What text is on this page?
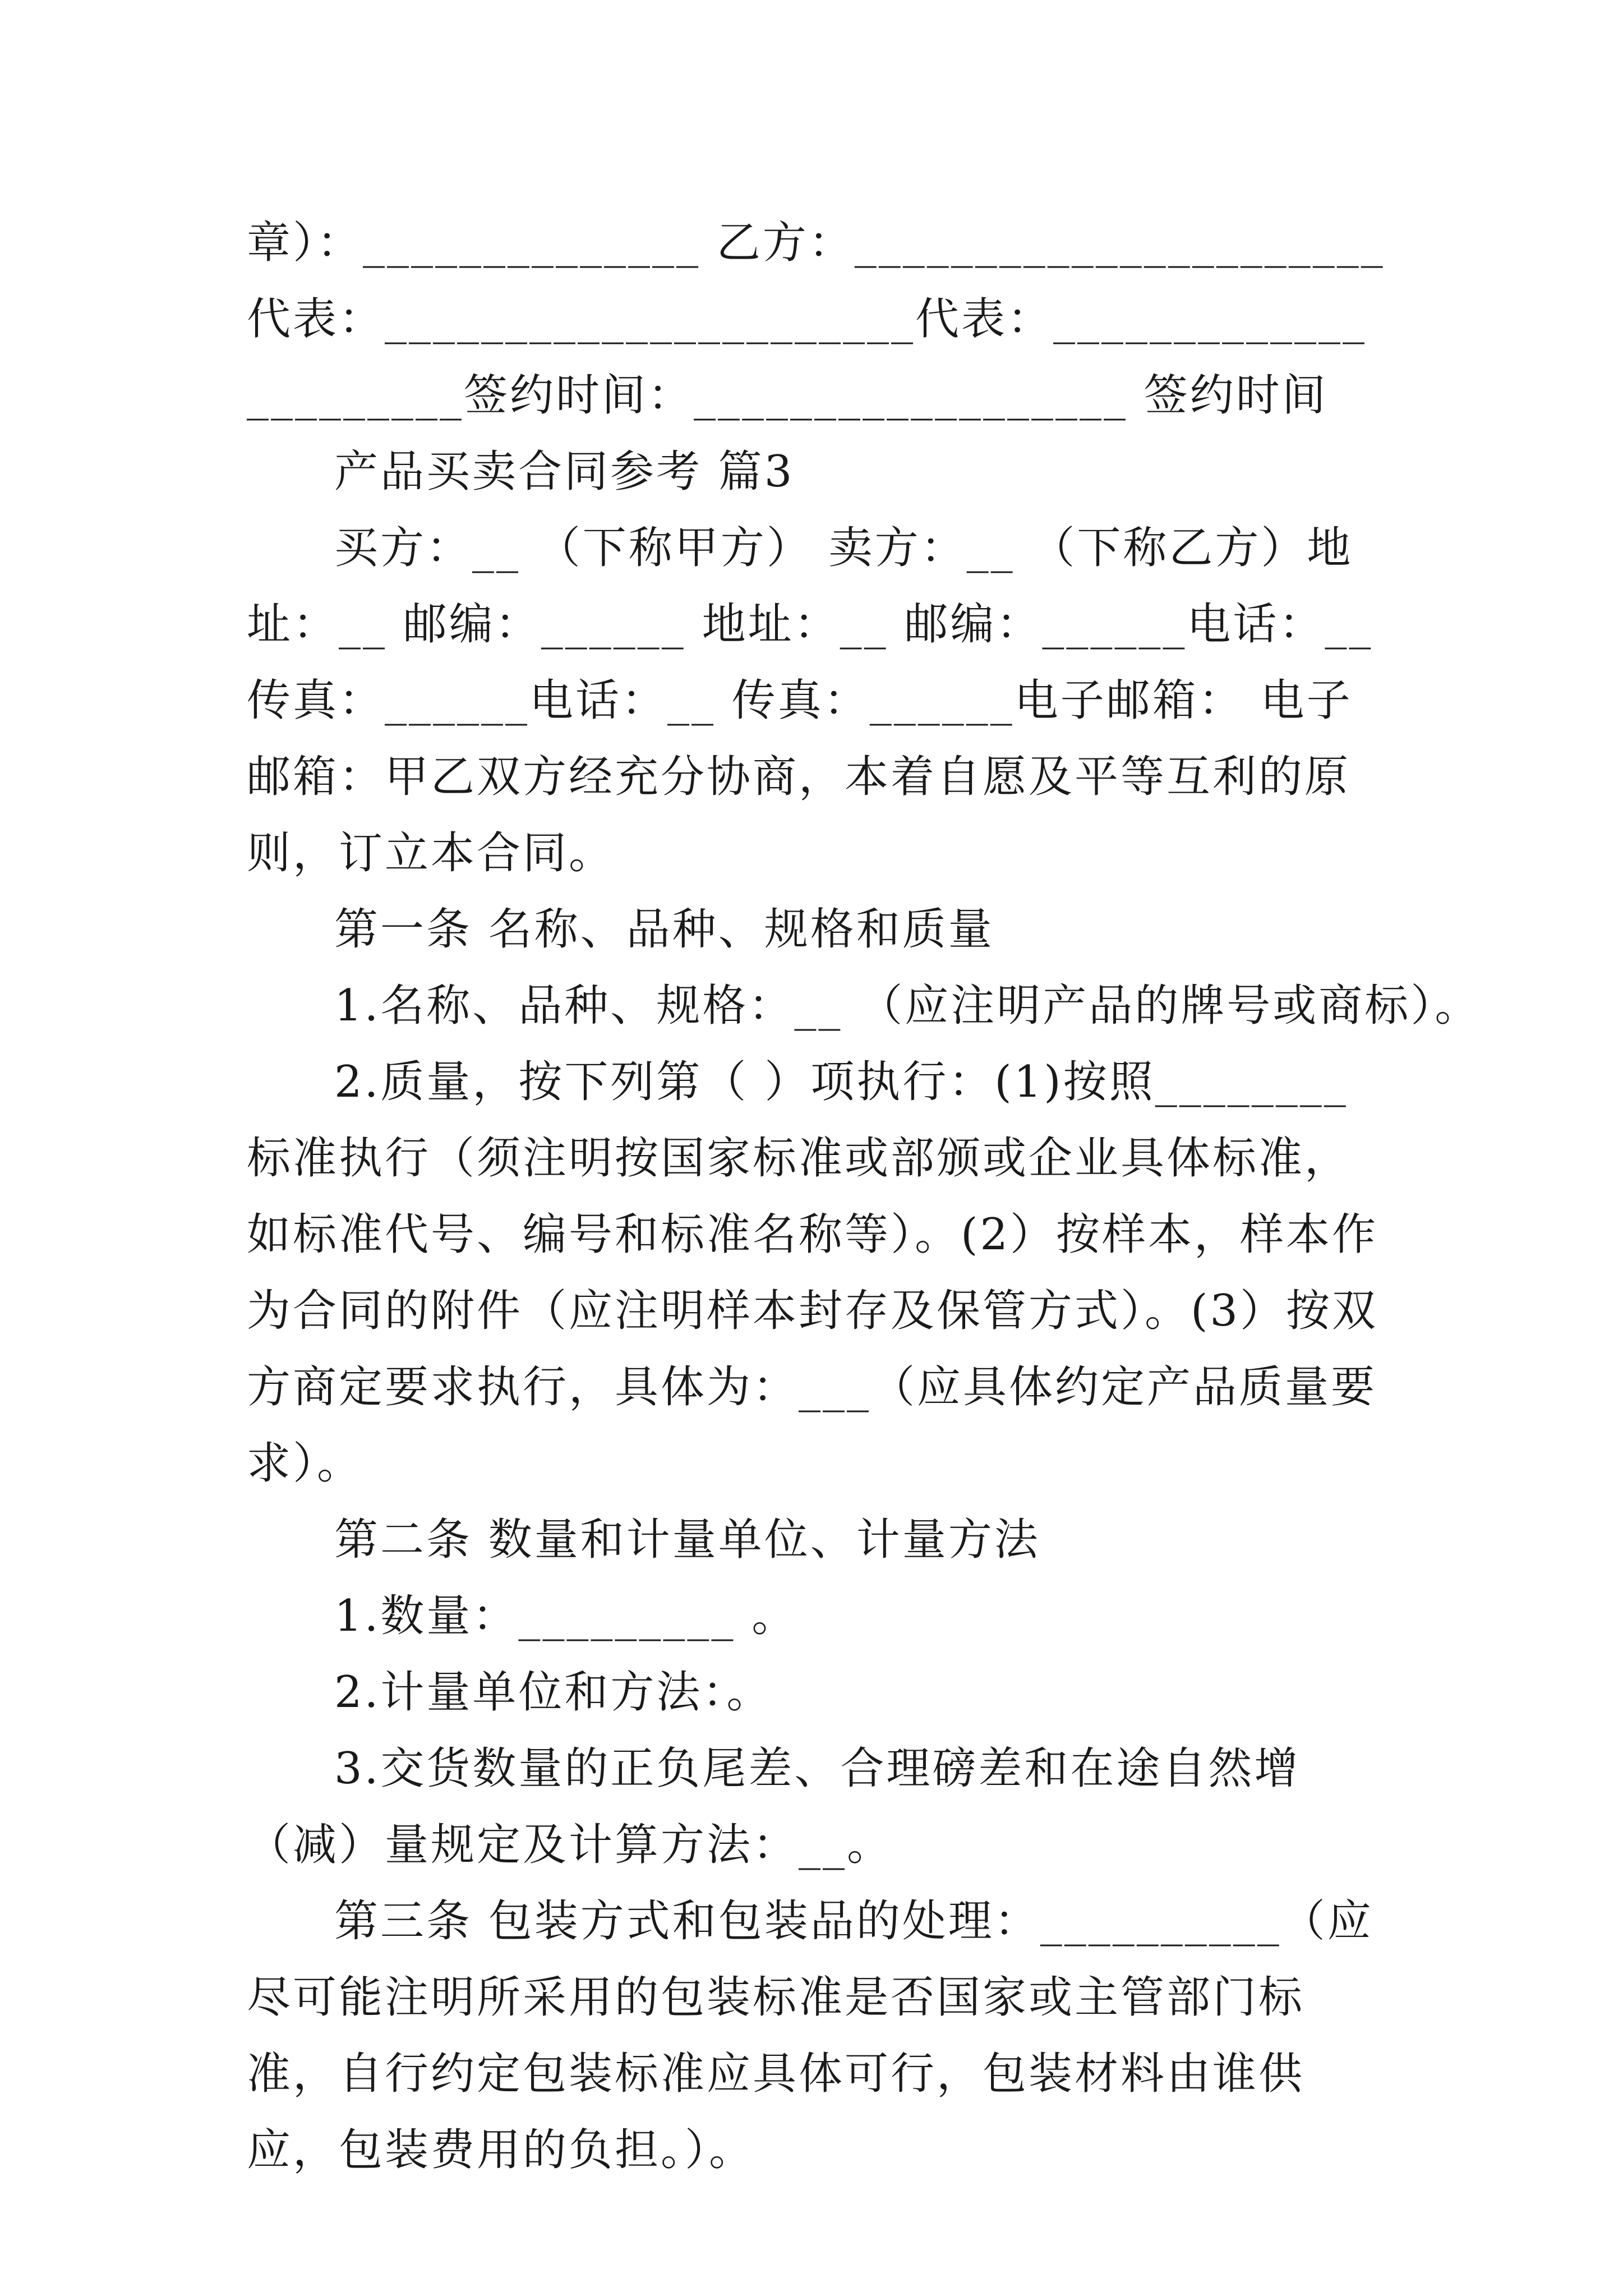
章）：______________ 乙方：______________________代表：______________________代表：______________________签约时间：__________________ 签约时间

产品买卖合同参考 篇3

买方：__ （下称甲方） 卖方：__ （下称乙方）地址：__ 邮编：______ 地址：__ 邮编：______电话：__ 传真：______电话：__ 传真：______电子邮箱： 电子邮箱：甲乙双方经充分协商，本着自愿及平等互利的原则，订立本合同。

第一条 名称、品种、规格和质量

1.名称、品种、规格：__ （应注明产品的牌号或商标）。

2.质量，按下列第（ ）项执行：(1)按照________标准执行（须注明按国家标准或部颁或企业具体标准，如标准代号、编号和标准名称等）。(2）按样本，样本作为合同的附件（应注明样本封存及保管方式）。(3）按双方商定要求执行，具体为：___（应具体约定产品质量要求）。

第二条 数量和计量单位、计量方法

1.数量：_________ 。

2.计量单位和方法：。

3.交货数量的正负尾差、合理磅差和在途自然增（减）量规定及计算方法：__。

第三条 包装方式和包装品的处理：__________（应尽可能注明所采用的包装标准是否国家或主管部门标准，自行约定包装标准应具体可行，包装材料由谁供应，包装费用的负担。）。
